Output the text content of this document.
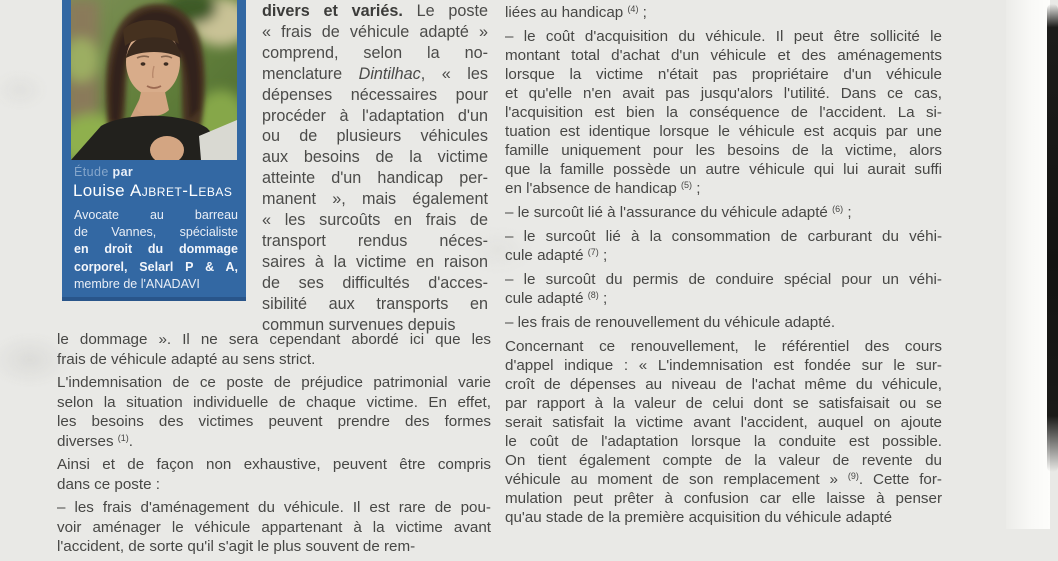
Étude par
Louise Ajbret-Lebas
Avocate au barreau
de Vannes, spécialiste
en droit du dommage
corporel, Selarl P & A,
membre de l'ANADAVI
divers et variés. Le poste
« frais de véhicule adapté »
comprend, selon la no-
menclature Dintilhac, « les
dépenses nécessaires pour
procéder à l'adaptation d'un
ou de plusieurs véhicules
aux besoins de la victime
atteinte d'un handicap per-
manent », mais également
« les surcoûts en frais de
transport rendus néces-
saires à la victime en raison
de ses difficultés d'acces-
sibilité aux transports en
commun survenues depuis
le dommage ». Il ne sera cependant abordé ici que les
frais de véhicule adapté au sens strict.
L'indemnisation de ce poste de préjudice patrimonial varie
selon la situation individuelle de chaque victime. En effet,
les besoins des victimes peuvent prendre des formes
diverses $^{(1)}$.
Ainsi et de façon non exhaustive, peuvent être compris
dans ce poste :
– les frais d'aménagement du véhicule. Il est rare de pou-
voir aménager le véhicule appartenant à la victime avant
l'accident, de sorte qu'il s'agit le plus souvent de rem-
liées au handicap $^{(4)}$ ;
– le coût d'acquisition du véhicule. Il peut être sollicité le
montant total d'achat d'un véhicule et des aménagements
lorsque la victime n'était pas propriétaire d'un véhicule
et qu'elle n'en avait pas jusqu'alors l'utilité. Dans ce cas,
l'acquisition est bien la conséquence de l'accident. La si-
tuation est identique lorsque le véhicule est acquis par une
famille uniquement pour les besoins de la victime, alors
que la famille possède un autre véhicule qui lui aurait suffi
en l'absence de handicap $^{(5)}$ ;
– le surcoût lié à l'assurance du véhicule adapté $^{(6)}$ ;
– le surcoût lié à la consommation de carburant du véhi-
cule adapté $^{(7)}$ ;
– le surcoût du permis de conduire spécial pour un véhi-
cule adapté $^{(8)}$ ;
– les frais de renouvellement du véhicule adapté.
Concernant ce renouvellement, le référentiel des cours
d'appel indique : « L'indemnisation est fondée sur le sur-
croît de dépenses au niveau de l'achat même du véhicule,
par rapport à la valeur de celui dont se satisfaisait ou se
serait satisfait la victime avant l'accident, auquel on ajoute
le coût de l'adaptation lorsque la conduite est possible.
On tient également compte de la valeur de revente du
véhicule au moment de son remplacement » $^{(9)}$. Cette for-
mulation peut prêter à confusion car elle laisse à penser
qu'au stade de la première acquisition du véhicule adapté
